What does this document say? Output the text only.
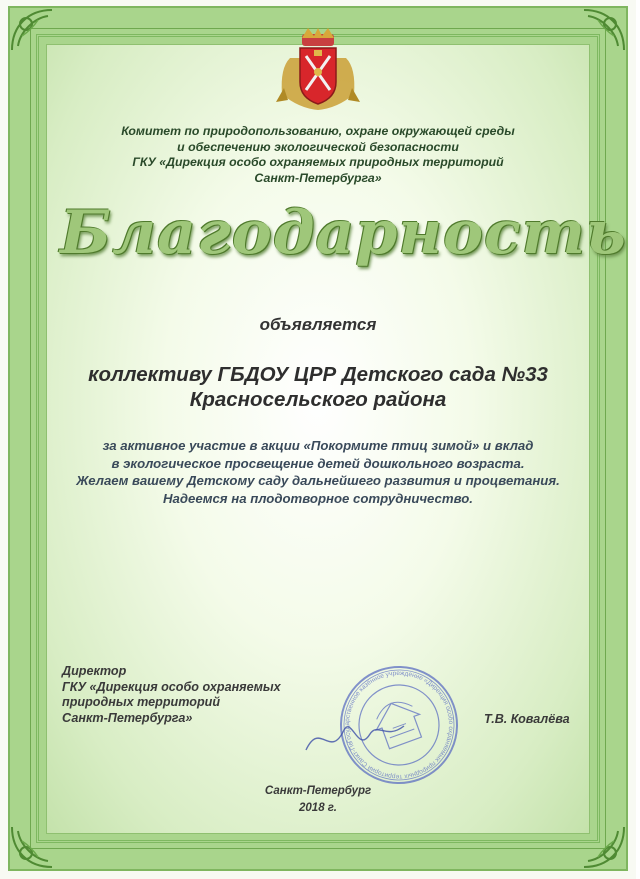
Комитет по природопользованию, охране окружающей среды
и обеспечению экологической безопасности
ГКУ «Дирекция особо охраняемых природных территорий
Санкт-Петербурга»
Благодарность
объявляется
коллективу ГБДОУ ЦРР Детского сада №33
Красносельского района
за активное участие в акции «Покормите птиц зимой» и вклад
в экологическое просвещение детей дошкольного возраста.
Желаем вашему Детскому саду дальнейшего развития и процветания.
Надеемся на плодотворное сотрудничество.
Директор
ГКУ «Дирекция особо охраняемых
природных территорий
Санкт-Петербурга»
Государственное казённое учреждение «Дирекция особо охраняемых природных территорий Санкт-Петербурга»
Т.В. Ковалёва
Санкт-Петербург
2018 г.
